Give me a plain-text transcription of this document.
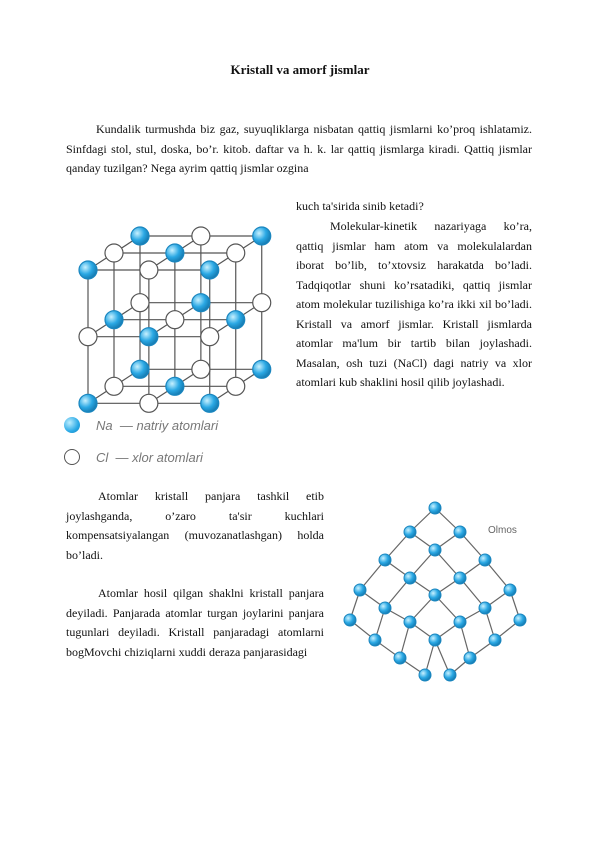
Kristall va amorf jismlar

Kundalik turmushda biz gaz, suyuqliklarga nisbatan qattiq jismlarni ko’proq ishlatamiz. Sinfdagi stol, stul, doska, bo’r. kitob. daftar va h. k. lar qattiq jismlarga kiradi. Qattiq jismlar qanday tuzilgan? Nega ayrim qattiq jismlar ozgina

kuch ta'sirida sinib ketadi?
Na
— natriy atomlari
Cl
— xlor atomlari

Molekular-kinetik nazariyaga ko’ra, qattiq jismlar ham atom va molekulalardan iborat bo’lib, to’xtovsiz harakatda bo’ladi. Tadqiqotlar shuni ko’rsatadiki, qattiq jismlar atom molekular tuzilishiga ko’ra ikki xil bo’ladi. Kristall va amorf jismlar. Kristall jismlarda atomlar ma'lum bir tartib bilan joylashadi. Masalan, osh tuzi (NaCl) dagi natriy va xlor atomlari kub shaklini hosil qilib joylashadi.

Atomlar kristall panjara tashkil etib joylashganda, o’zaro ta'sir kuchlari kompensatsiyalangan (muvozanatlashgan) holda bo’ladi.

Atomlar hosil qilgan shaklni kristall panjara deyiladi. Panjarada atomlar turgan joylarini panjara tugunlari deyiladi. Kristall panjaradagi atomlarni bogMovchi chiziqlarni xuddi deraza panjarasidagi

Olmos
